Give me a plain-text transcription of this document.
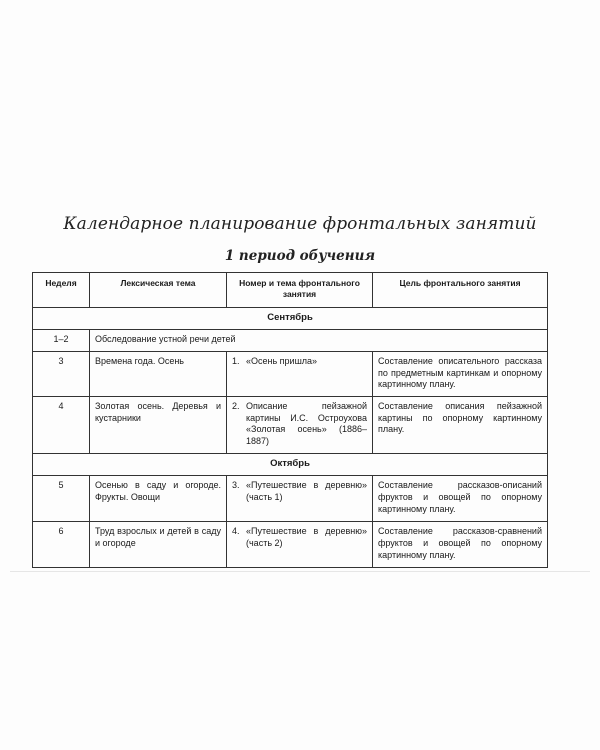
Календарное планирование фронтальных занятий
1 период обучения
Неделя	Лексическая тема	Номер и тема фронтального занятия	Цель фронтального занятия
Сентябрь			
1–2	Обследование устной речи детей		
3	Времена года. Осень	1. «Осень пришла»	Составление описательного рассказа по предметным картинкам и опорному картинному плану.
4	Золотая осень. Деревья и кустарники	2. Описание пейзажной картины И.С. Остроухова «Золотая осень» (1886–1887)	Составление описания пейзажной картины по опорному картинному плану.
Октябрь			
5	Осенью в саду и огороде. Фрукты. Овощи	3. «Путешествие в деревню» (часть 1)	Составление рассказов-описаний фруктов и овощей по опорному картинному плану.
6	Труд взрослых и детей в саду и огороде	4. «Путешествие в деревню» (часть 2)	Составление рассказов-сравнений фруктов и овощей по опорному картинному плану.
